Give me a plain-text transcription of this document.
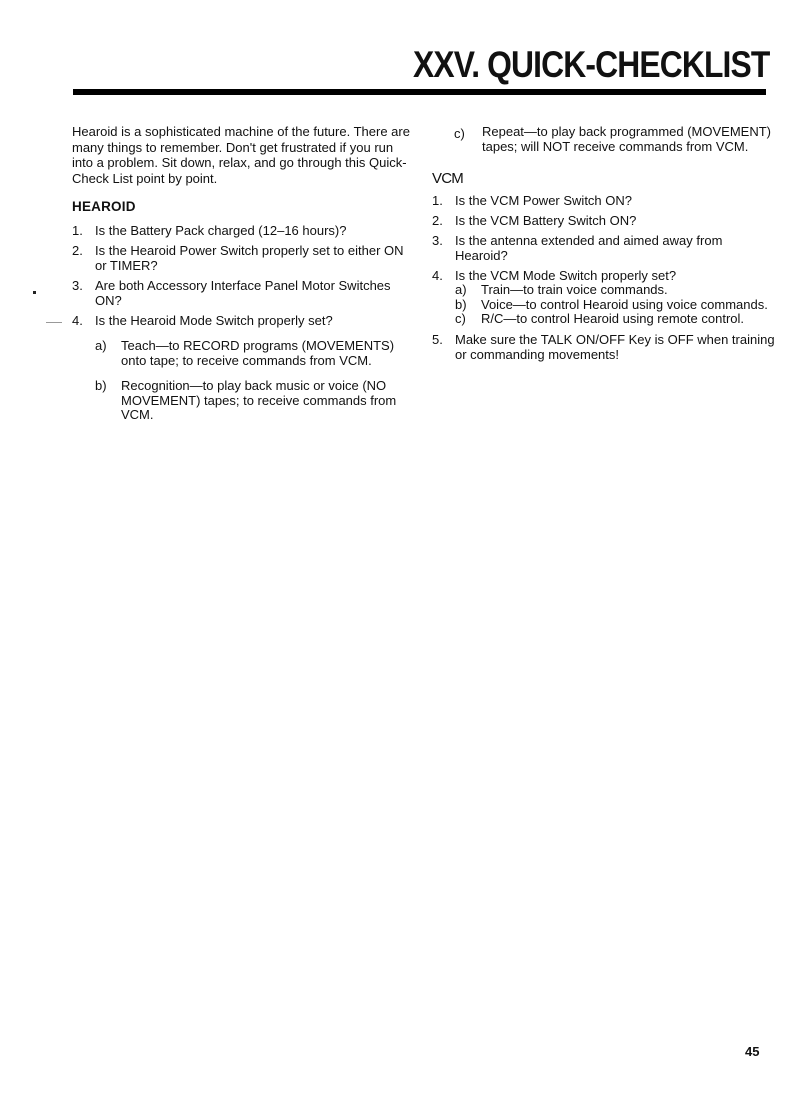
XXV. QUICK-CHECKLIST

Hearoid is a sophisticated machine of the future. There are many things to remember. Don't get frustrated if you run into a problem. Sit down, relax, and go through this Quick-Check List point by point.

HEAROID
1. Is the Battery Pack charged (12–16 hours)?
2. Is the Hearoid Power Switch properly set to either ON or TIMER?
3. Are both Accessory Interface Panel Motor Switches ON?
4. Is the Hearoid Mode Switch properly set?
a) Teach—to RECORD programs (MOVEMENTS) onto tape; to receive commands from VCM.
b) Recognition—to play back music or voice (NO MOVEMENT) tapes; to receive commands from VCM.
c) Repeat—to play back programmed (MOVEMENT) tapes; will NOT receive commands from VCM.
VCM
1. Is the VCM Power Switch ON?
2. Is the VCM Battery Switch ON?
3. Is the antenna extended and aimed away from Hearoid?
4. Is the VCM Mode Switch properly set?
a) Train—to train voice commands.
b) Voice—to control Hearoid using voice commands.
c) R/C—to control Hearoid using remote control.
5. Make sure the TALK ON/OFF Key is OFF when training or commanding movements!
45
